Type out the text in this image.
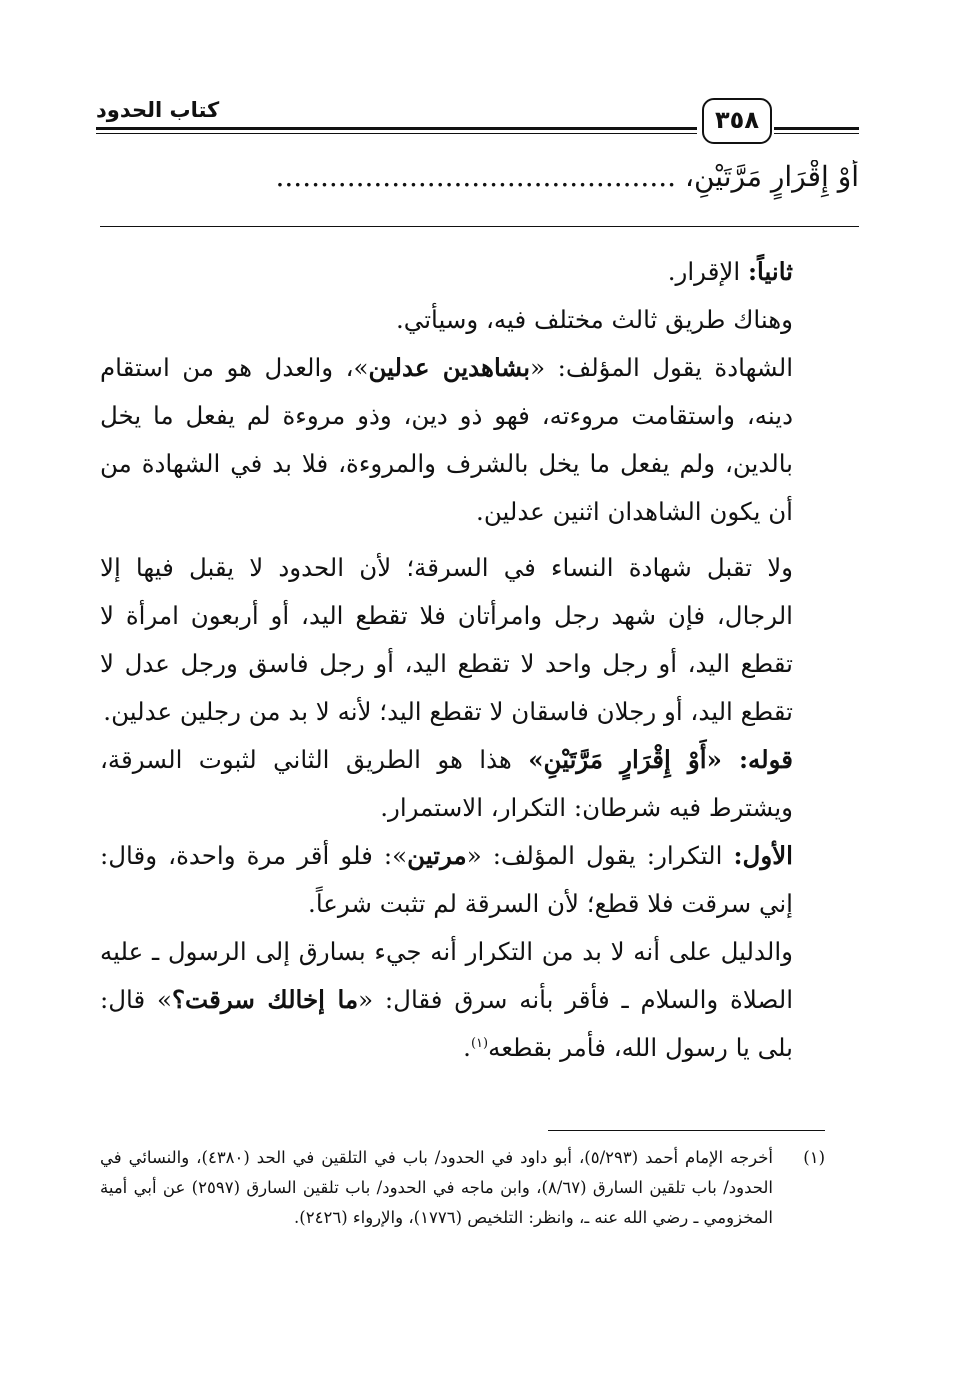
كتاب الحدود	٣٥٨
أَوْ إِقْرَارٍ مَرَّتَيْنِ، .............................................

ثانياً: الإقرار.

وهناك طريق ثالث مختلف فيه، وسيأتي.

الشهادة يقول المؤلف: «بشاهدين عدلين»، والعدل هو من استقام دينه، واستقامت مروءته، فهو ذو دين، وذو مروءة لم يفعل ما يخل بالدين، ولم يفعل ما يخل بالشرف والمروءة، فلا بد في الشهادة من أن يكون الشاهدان اثنين عدلين.

ولا تقبل شهادة النساء في السرقة؛ لأن الحدود لا يقبل فيها إلا الرجال، فإن شهد رجل وامرأتان فلا تقطع اليد، أو أربعون امرأة لا تقطع اليد، أو رجل واحد لا تقطع اليد، أو رجل فاسق ورجل عدل لا تقطع اليد، أو رجلان فاسقان لا تقطع اليد؛ لأنه لا بد من رجلين عدلين.

قوله: «أَوْ إِقْرَارٍ مَرَّتَيْنِ» هذا هو الطريق الثاني لثبوت السرقة، ويشترط فيه شرطان: التكرار، الاستمرار.

الأول: التكرار: يقول المؤلف: «مرتين»: فلو أقر مرة واحدة، وقال: إني سرقت فلا قطع؛ لأن السرقة لم تثبت شرعاً.

والدليل على أنه لا بد من التكرار أنه جيء بسارق إلى الرسول ـ عليه الصلاة والسلام ـ فأقر بأنه سرق فقال: «ما إخالك سرقت؟» قال: بلى يا رسول الله، فأمر بقطعه$^{(١)}$.

(١)
أخرجه الإمام أحمد (٥/٢٩٣)، أبو داود في الحدود/ باب في التلقين في الحد (٤٣٨٠)، والنسائي في الحدود/ باب تلقين السارق (٨/٦٧)، وابن ماجه في الحدود/ باب تلقين السارق (٢٥٩٧) عن أبي أمية المخزومي ـ رضي الله عنه ـ، وانظر: التلخيص (١٧٧٦)، والإرواء (٢٤٢٦).
